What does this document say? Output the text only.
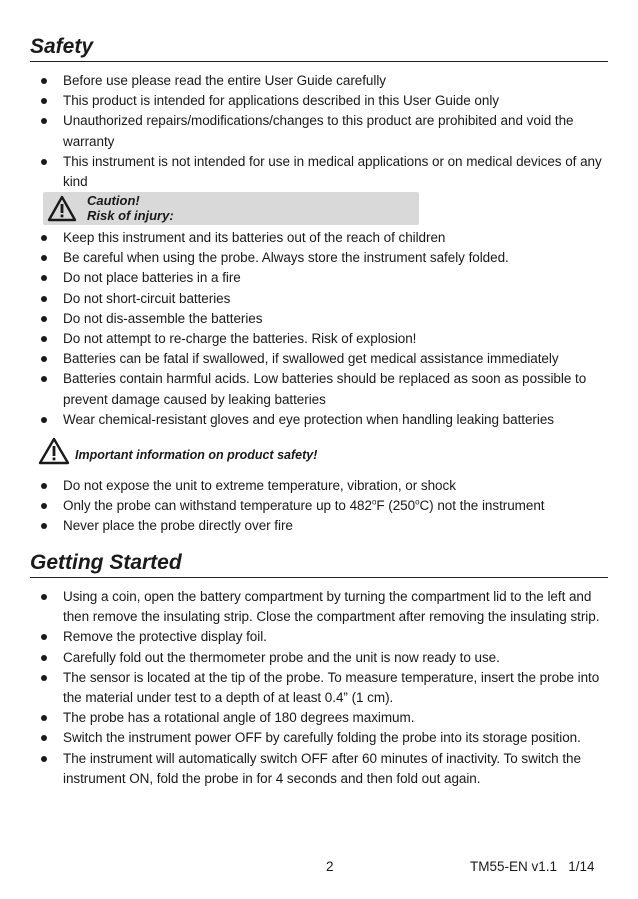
Safety
Before use please read the entire User Guide carefully
This product is intended for applications described in this User Guide only
Unauthorized repairs/modifications/changes to this product are prohibited and void the warranty
This instrument is not intended for use in medical applications or on medical devices of any kind
Caution!
Risk of injury:
Keep this instrument and its batteries out of the reach of children
Be careful when using the probe. Always store the instrument safely folded.
Do not place batteries in a fire
Do not short-circuit batteries
Do not dis-assemble the batteries
Do not attempt to re-charge the batteries. Risk of explosion!
Batteries can be fatal if swallowed, if swallowed get medical assistance immediately
Batteries contain harmful acids. Low batteries should be replaced as soon as possible to prevent damage caused by leaking batteries
Wear chemical-resistant gloves and eye protection when handling leaking batteries
Important information on product safety!
Do not expose the unit to extreme temperature, vibration, or shock
Only the probe can withstand temperature up to 482$^o$F (250$^o$C) not the instrument
Never place the probe directly over fire
Getting Started
Using a coin, open the battery compartment by turning the compartment lid to the left and then remove the insulating strip. Close the compartment after removing the insulating strip.
Remove the protective display foil.
Carefully fold out the thermometer probe and the unit is now ready to use.
The sensor is located at the tip of the probe. To measure temperature, insert the probe into the material under test to a depth of at least 0.4” (1 cm).
The probe has a rotational angle of 180 degrees maximum.
Switch the instrument power OFF by carefully folding the probe into its storage position.
The instrument will automatically switch OFF after 60 minutes of inactivity. To switch the instrument ON, fold the probe in for 4 seconds and then fold out again.
2	TM55-EN v1.1   1/14
